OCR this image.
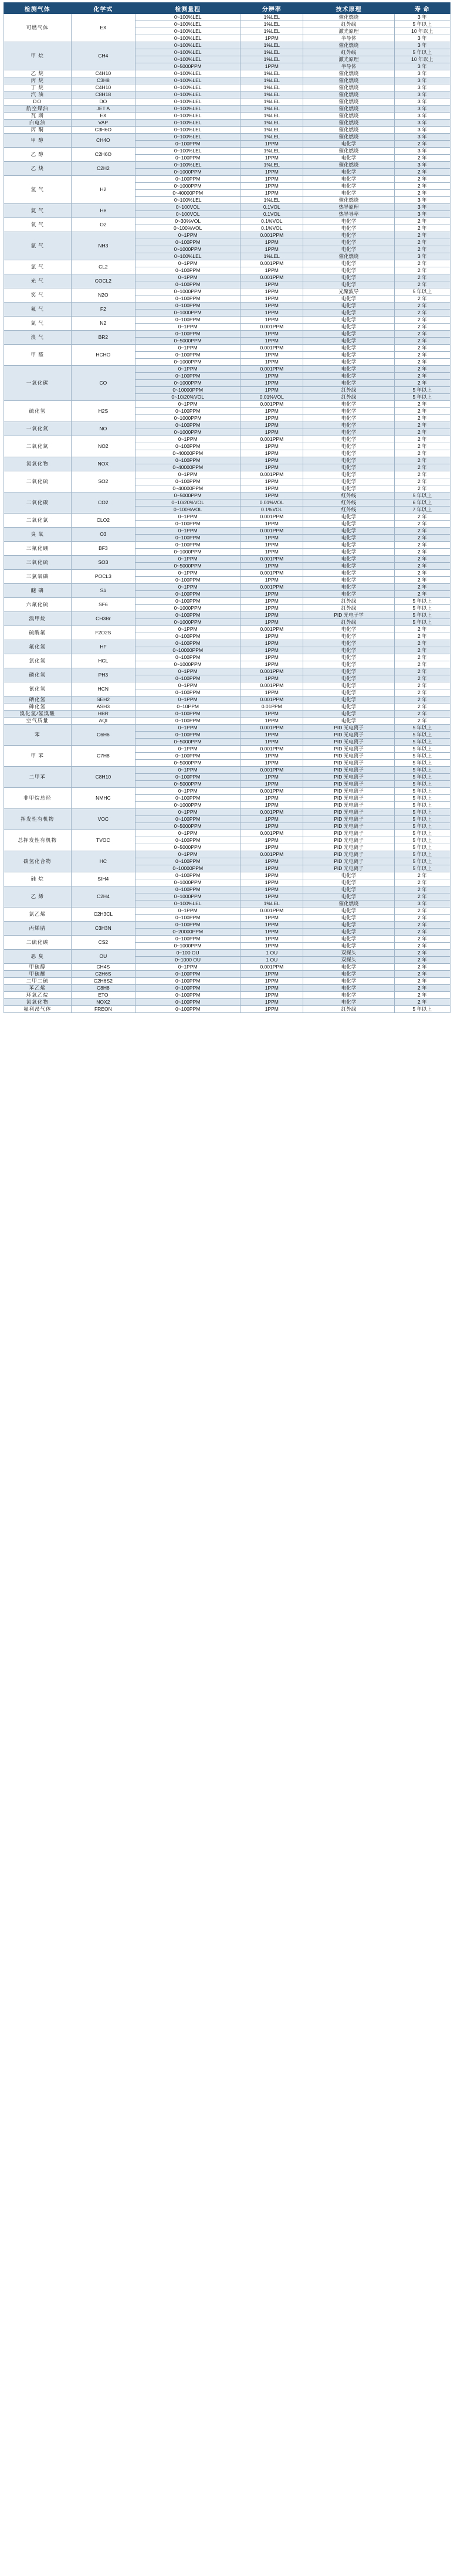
检测气体	化学式	检测量程	分辨率	技术原理	寿 命
可燃气体	EX	0~100%LEL	1%LEL	催化燃烧	3 年
		0~100%LEL	1%LEL	红外线	5 年以上
		0~100%LEL	1%LEL	激光原理	10 年以上
		0~100%LEL	1PPM	半导体	3 年
甲 烷	CH4	0~100%LEL	1%LEL	催化燃烧	3 年
		0~100%LEL	1%LEL	红外线	5 年以上
		0~100%LEL	1%LEL	激光原理	10 年以上
		0~5000PPM	1PPM	半导体	3 年
乙 烷	C4H10	0~100%LEL	1%LEL	催化燃烧	3 年
丙 烷	C3H8	0~100%LEL	1%LEL	催化燃烧	3 年
丁 烷	C4H10	0~100%LEL	1%LEL	催化燃烧	3 年
汽 油	C8H18	0~100%LEL	1%LEL	催化燃烧	3 年
DO	DO	0~100%LEL	1%LEL	催化燃烧	3 年
航空煤油	JET A	0~100%LEL	1%LEL	催化燃烧	3 年
瓦 斯	EX	0~100%LEL	1%LEL	催化燃烧	3 年
白电油	VAP	0~100%LEL	1%LEL	催化燃烧	3 年
丙 酮	C3H6O	0~100%LEL	1%LEL	催化燃烧	3 年
甲 醇	CH4O	0~100%LEL	1%LEL	催化燃烧	3 年
		0~100PPM	1PPM	电化学	2 年
乙 醇	C2H6O	0~100%LEL	1%LEL	催化燃烧	3 年
		0~100PPM	1PPM	电化学	2 年
乙 炔	C2H2	0~100%LEL	1%LEL	催化燃烧	3 年
		0~1000PPM	1PPM	电化学	2 年
氢 气	H2	0~100PPM	1PPM	电化学	2 年
		0~1000PPM	1PPM	电化学	2 年
		0~40000PPM	1PPM	电化学	2 年
		0~100%LEL	1%LEL	催化燃烧	3 年
氦 气	He	0~100VOL	0.1VOL	热导原理	3 年
		0~100VOL	0.1VOL	热导导率	3 年
氧 气	O2	0~30%VOL	0.1%VOL	电化学	2 年
		0~100%VOL	0.1%VOL	电化学	2 年
氨 气	NH3	0~1PPM	0.001PPM	电化学	2 年
		0~100PPM	1PPM	电化学	2 年
		0~1000PPM	1PPM	电化学	2 年
		0~100%LEL	1%LEL	催化燃烧	3 年
氯 气	CL2	0~1PPM	0.001PPM	电化学	2 年
		0~100PPM	1PPM	电化学	2 年
光 气	COCL2	0~1PPM	0.001PPM	电化学	2 年
		0~100PPM	1PPM	电化学	2 年
笑 气	N2O	0~1000PPM	1PPM	光聚波导	5 年以上
		0~100PPM	1PPM	电化学	2 年
氟 气	F2	0~100PPM	1PPM	电化学	2 年
		0~1000PPM	1PPM	电化学	2 年
氮 气	N2	0~100PPM	1PPM	电化学	2 年
		0~1PPM	0.001PPM	电化学	2 年
溴 气	BR2	0~100PPM	1PPM	电化学	2 年
		0~5000PPM	1PPM	电化学	2 年
甲 醛	HCHO	0~1PPM	0.001PPM	电化学	2 年
		0~100PPM	1PPM	电化学	2 年
		0~1000PPM	1PPM	电化学	2 年
一氧化碳	CO	0~1PPM	0.001PPM	电化学	2 年
		0~100PPM	1PPM	电化学	2 年
		0~1000PPM	1PPM	电化学	2 年
		0~10000PPM	1PPM	红外线	5 年以上
		0~10/20%VOL	0.01%VOL	红外线	5 年以上
硫化氢	H2S	0~1PPM	0.001PPM	电化学	2 年
		0~100PPM	1PPM	电化学	2 年
		0~1000PPM	1PPM	电化学	2 年
一氧化氮	NO	0~100PPM	1PPM	电化学	2 年
		0~1000PPM	1PPM	电化学	2 年
二氧化氮	NO2	0~1PPM	0.001PPM	电化学	2 年
		0~100PPM	1PPM	电化学	2 年
		0~40000PPM	1PPM	电化学	2 年
氮氧化物	NOX	0~100PPM	1PPM	电化学	2 年
		0~40000PPM	1PPM	电化学	2 年
二氧化硫	SO2	0~1PPM	0.001PPM	电化学	2 年
		0~100PPM	1PPM	电化学	2 年
		0~40000PPM	1PPM	电化学	2 年
二氧化碳	CO2	0~5000PPM	1PPM	红外线	5 年以上
		0~10/20%VOL	0.01%VOL	红外线	6 年以上
		0~100%VOL	0.1%VOL	红外线	7 年以上
二氧化氯	CLO2	0~1PPM	0.001PPM	电化学	2 年
		0~100PPM	1PPM	电化学	2 年
臭 氧	O3	0~1PPM	0.001PPM	电化学	2 年
		0~100PPM	1PPM	电化学	2 年
三氟化硼	BF3	0~100PPM	1PPM	电化学	2 年
		0~1000PPM	1PPM	电化学	2 年
三氧化硫	SO3	0~1PPM	0.001PPM	电化学	2 年
		0~5000PPM	1PPM	电化学	2 年
三氯氧磷	POCL3	0~1PPM	0.001PPM	电化学	2 年
		0~100PPM	1PPM	电化学	2 年
醚 磷	S#	0~1PPM	0.001PPM	电化学	2 年
		0~100PPM	1PPM	电化学	2 年
六氟化硫	SF6	0~100PPM	1PPM	红外线	5 年以上
		0~1000PPM	1PPM	红外线	5 年以上
溴甲烷	CH3Br	0~100PPM	1PPM	PID 光电子学	5 年以上
		0~1000PPM	1PPM	红外线	5 年以上
硫酰氟	F2O2S	0~1PPM	0.001PPM	电化学	2 年
		0~100PPM	1PPM	电化学	2 年
氟化氢	HF	0~100PPM	1PPM	电化学	2 年
		0~10000PPM	1PPM	电化学	2 年
氯化氢	HCL	0~100PPM	1PPM	电化学	2 年
		0~1000PPM	1PPM	电化学	2 年
磷化氢	PH3	0~1PPM	0.001PPM	电化学	2 年
		0~100PPM	1PPM	电化学	2 年
氰化氢	HCN	0~1PPM	0.001PPM	电化学	2 年
		0~100PPM	1PPM	电化学	2 年
硒化氢	SEH2	0~1PPM	0.001PPM	电化学	2 年
砷化氢	ASH3	0~10PPM	0.01PPM	电化学	2 年
溴化氢/氢溴酸	HBR	0~100PPM	1PPM	电化学	2 年
空气质量	AQI	0~100PPM	1PPM	电化学	2 年
苯	C6H6	0~1PPM	0.001PPM	PID 光电离子	5 年以上
		0~100PPM	1PPM	PID 光电离子	5 年以上
		0~5000PPM	1PPM	PID 光电离子	5 年以上
甲 苯	C7H8	0~1PPM	0.001PPM	PID 光电离子	5 年以上
		0~100PPM	1PPM	PID 光电离子	5 年以上
		0~5000PPM	1PPM	PID 光电离子	5 年以上
二甲苯	C8H10	0~1PPM	0.001PPM	PID 光电离子	5 年以上
		0~100PPM	1PPM	PID 光电离子	5 年以上
		0~5000PPM	1PPM	PID 光电离子	5 年以上
非甲烷总烃	NMHC	0~1PPM	0.001PPM	PID 光电离子	5 年以上
		0~100PPM	1PPM	PID 光电离子	5 年以上
		0~1000PPM	1PPM	PID 光电离子	5 年以上
挥发性有机物	VOC	0~1PPM	0.001PPM	PID 光电离子	5 年以上
		0~100PPM	1PPM	PID 光电离子	5 年以上
		0~5000PPM	1PPM	PID 光电离子	5 年以上
总挥发性有机物	TVOC	0~1PPM	0.001PPM	PID 光电离子	5 年以上
		0~100PPM	1PPM	PID 光电离子	5 年以上
		0~5000PPM	1PPM	PID 光电离子	5 年以上
碳氢化合物	HC	0~1PPM	0.001PPM	PID 光电离子	5 年以上
		0~100PPM	1PPM	PID 光电离子	5 年以上
		0~10000PPM	1PPM	PID 光电离子	5 年以上
硅 烷	SIH4	0~100PPM	1PPM	电化学	2 年
		0~1000PPM	1PPM	电化学	2 年
乙 烯	C2H4	0~100PPM	1PPM	电化学	2 年
		0~1000PPM	1PPM	电化学	2 年
		0~100%LEL	1%LEL	催化燃烧	3 年
氯乙烯	C2H3CL	0~1PPM	0.001PPM	电化学	2 年
		0~100PPM	1PPM	电化学	2 年
丙烯腈	C3H3N	0~100PPM	1PPM	电化学	2 年
		0~20000PPM	1PPM	电化学	2 年
二硫化碳	CS2	0~100PPM	1PPM	电化学	2 年
		0~1000PPM	1PPM	电化学	2 年
恶 臭	OU	0~100 OU	1 OU	双探头	2 年
		0~1000 OU	1 OU	双探头	2 年
甲硫醇	CH4S	0~1PPM	0.001PPM	电化学	2 年
甲硫醚	C2H6S	0~100PPM	1PPM	电化学	2 年
二甲二硫	C2H6S2	0~100PPM	1PPM	电化学	2 年
苯乙烯	C8H8	0~100PPM	1PPM	电化学	2 年
环氧乙烷	ETO	0~100PPM	1PPM	电化学	2 年
氮氧化物	NOX2	0~100PPM	1PPM	电化学	2 年
氟利昂气体	FREON	0~100PPM	1PPM	红外线	5 年以上
